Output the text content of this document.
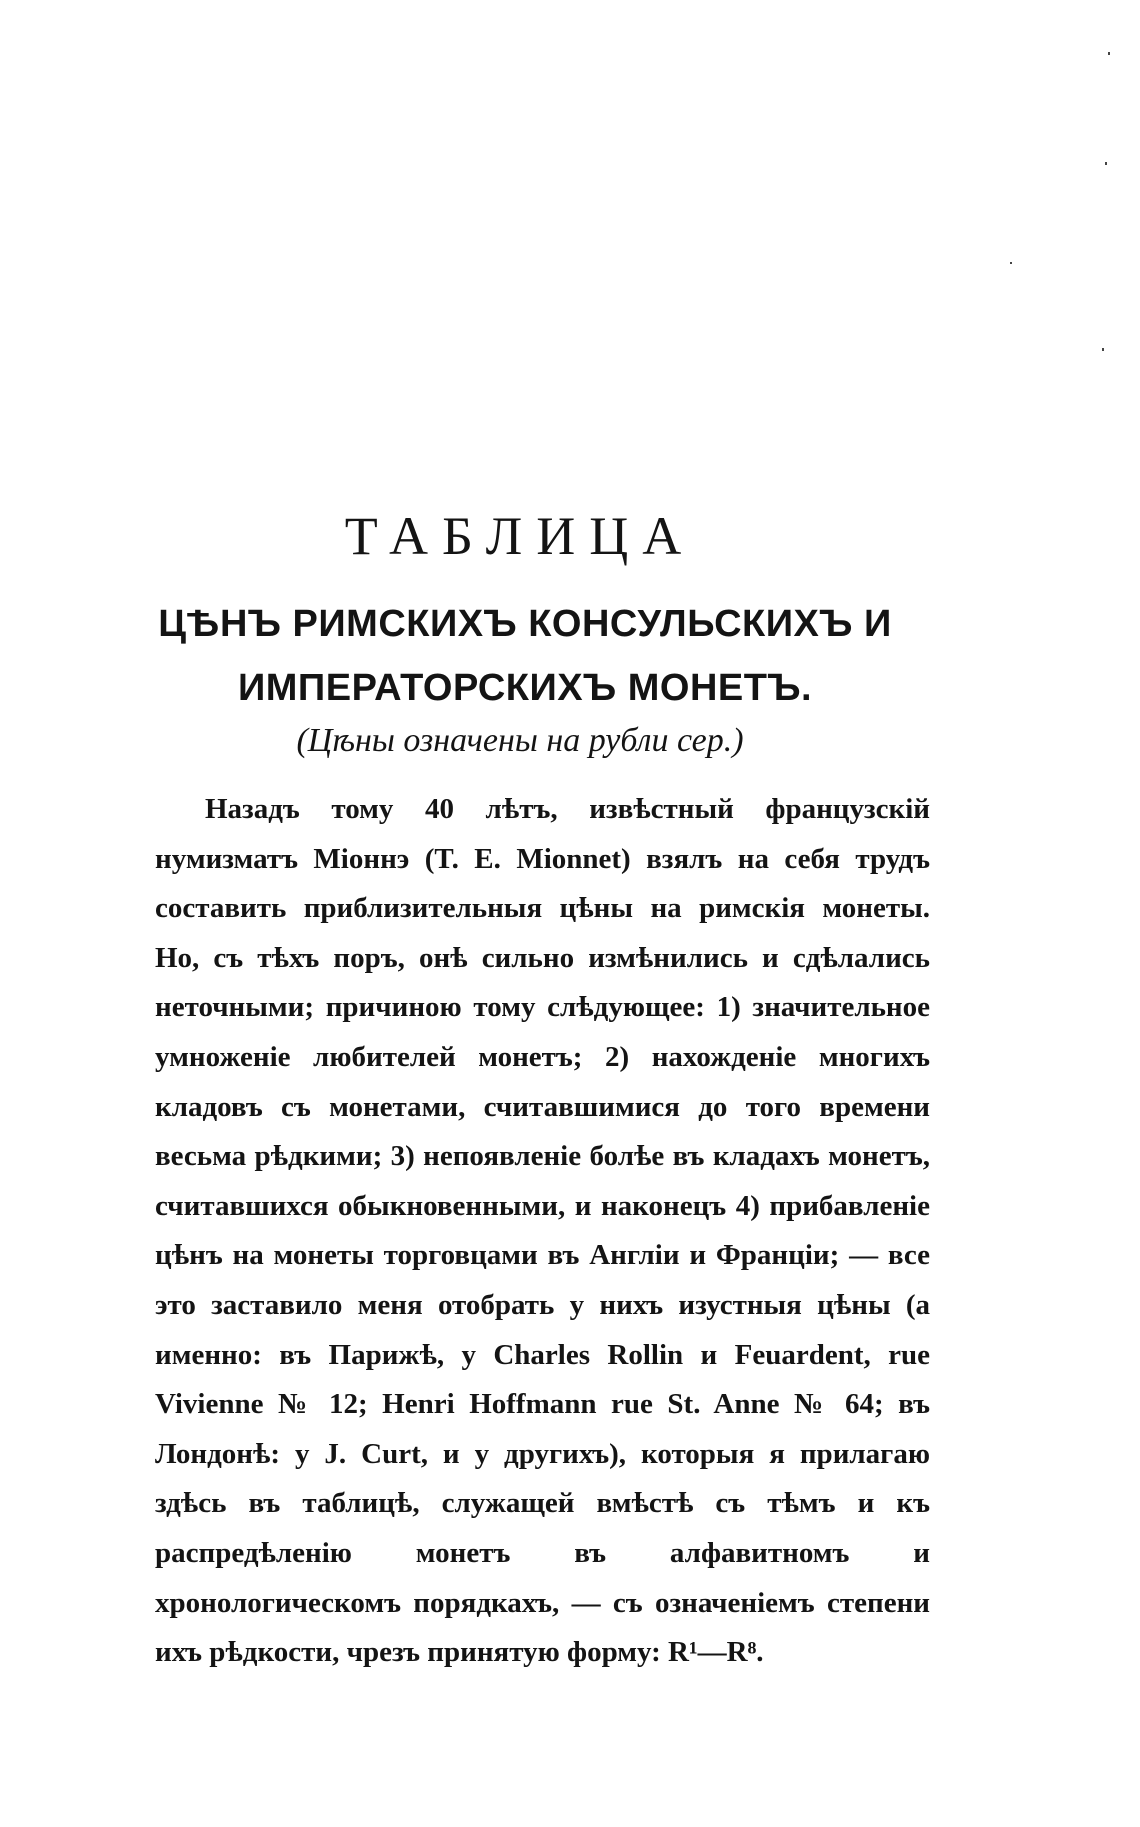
ТАБЛИЦА
ЦѢНЪ РИМСКИХЪ КОНСУЛЬСКИХЪ И ИМПЕРАТОРСКИХЪ МОНЕТЪ.

(Цѣны означены на рубли сер.)

Назадъ тому 40 лѣтъ, извѣстный французскій нумизматъ Міоннэ (T. E. Mionnet) взялъ на себя трудъ составить приблизительныя цѣны на римскія монеты. Но, съ тѣхъ поръ, онѣ сильно измѣнились и сдѣлались неточными; причиною тому слѣдующее: 1) значительное умноженіе любителей монетъ; 2) нахожденіе многихъ кладовъ съ монетами, считавшимися до того времени весьма рѣдкими; 3) непоявленіе болѣе въ кладахъ монетъ, считавшихся обыкновенными, и наконецъ 4) прибавленіе цѣнъ на монеты торговцами въ Англіи и Франціи; — все это заставило меня отобрать у нихъ изустныя цѣны (а именно: въ Парижѣ, у Charles Rollin и Feuardent, rue Vivienne № 12; Henri Hoffmann rue St. Anne № 64; въ Лондонѣ: у J. Curt, и у другихъ), которыя я прилагаю здѣсь въ таблицѣ, служащей вмѣстѣ съ тѣмъ и къ распредѣленію монетъ въ алфавитномъ и хронологическомъ порядкахъ, — съ означеніемъ степени ихъ рѣдкости, чрезъ принятую форму: R¹—R⁸.
